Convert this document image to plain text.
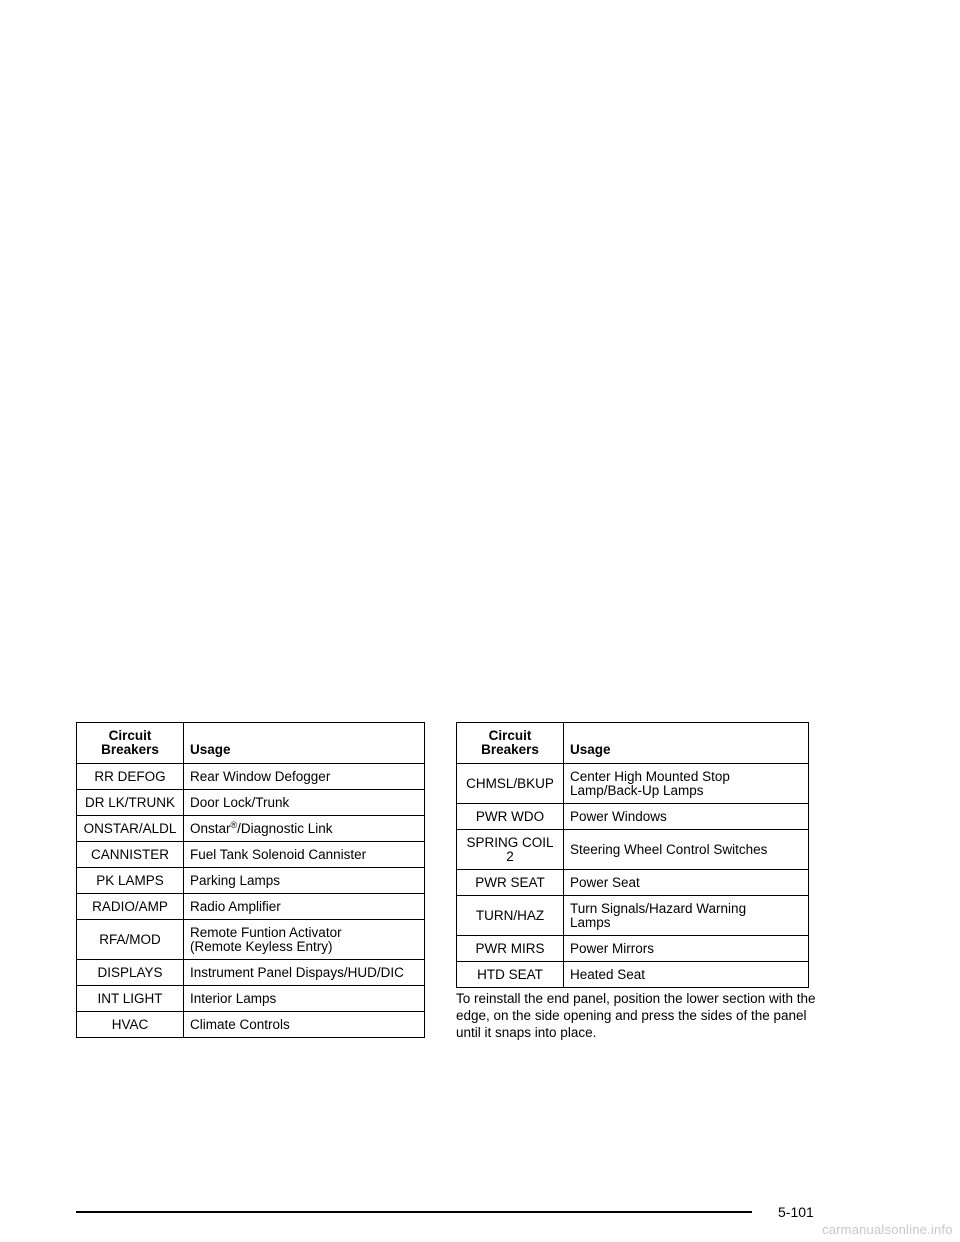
Circuit
Breakers	Usage
RR DEFOG	Rear Window Defogger
DR LK/TRUNK	Door Lock/Trunk
ONSTAR/ALDL	Onstar®/Diagnostic Link
CANNISTER	Fuel Tank Solenoid Cannister
PK LAMPS	Parking Lamps
RADIO/AMP	Radio Amplifier
RFA/MOD	Remote Funtion Activator
(Remote Keyless Entry)
DISPLAYS	Instrument Panel Dispays/HUD/DIC
INT LIGHT	Interior Lamps
HVAC	Climate Controls
Circuit
Breakers	Usage
CHMSL/BKUP	Center High Mounted Stop
Lamp/Back-Up Lamps
PWR WDO	Power Windows
SPRING COIL
2	Steering Wheel Control Switches
PWR SEAT	Power Seat
TURN/HAZ	Turn Signals/Hazard Warning
Lamps
PWR MIRS	Power Mirrors
HTD SEAT	Heated Seat

To reinstall the end panel, position the lower section with the edge, on the side opening and press the sides of the panel until it snaps into place.

5-101
carmanualsonline.info
